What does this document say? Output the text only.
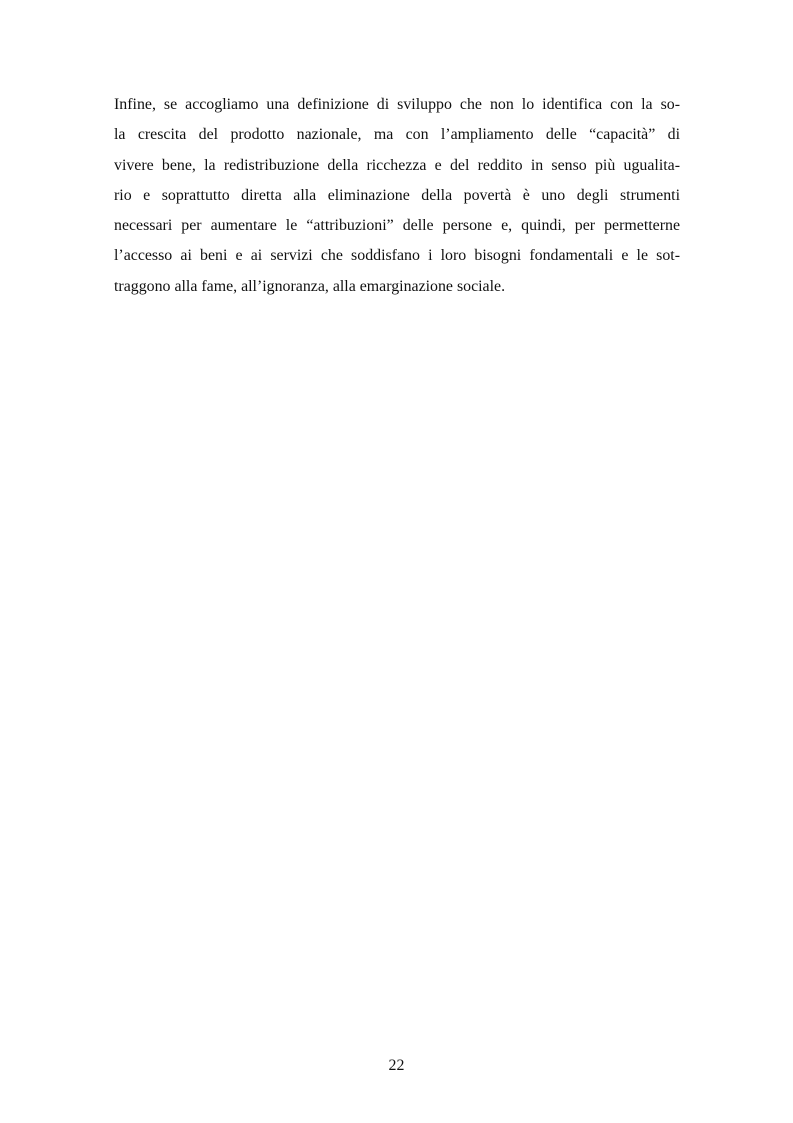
Infine, se accogliamo una definizione di sviluppo che non lo identifica con la so-
la crescita del prodotto nazionale, ma con l’ampliamento delle “capacità” di
vivere bene, la redistribuzione della ricchezza e del reddito in senso più ugualita-
rio e soprattutto diretta alla eliminazione della povertà è uno degli strumenti
necessari per aumentare le “attribuzioni” delle persone e, quindi, per permetterne
l’accesso ai beni e ai servizi che soddisfano i loro bisogni fondamentali e le sot-
traggono alla fame, all’ignoranza, alla emarginazione sociale.
22
